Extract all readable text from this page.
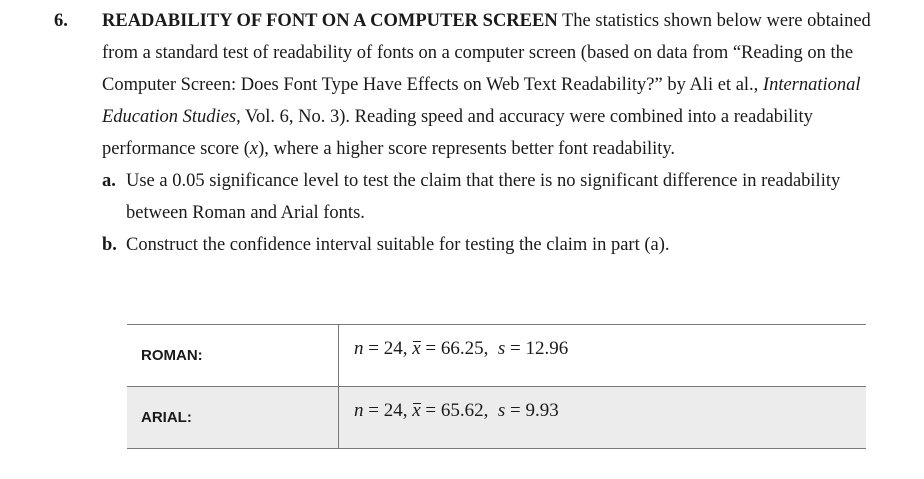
6. READABILITY OF FONT ON A COMPUTER SCREEN The statistics shown below were obtained from a standard test of readability of fonts on a computer screen (based on data from “Reading on the Computer Screen: Does Font Type Have Effects on Web Text Readability?” by Ali et al., International Education Studies, Vol. 6, No. 3). Reading speed and accuracy were combined into a readability performance score (x), where a higher score represents better font readability.
a. Use a 0.05 significance level to test the claim that there is no significant difference in readability between Roman and Arial fonts.
b. Construct the confidence interval suitable for testing the claim in part (a).
ROMAN:	n = 24, x = 66.25,  s = 12.96
ARIAL:	n = 24, x = 65.62,  s = 9.93
